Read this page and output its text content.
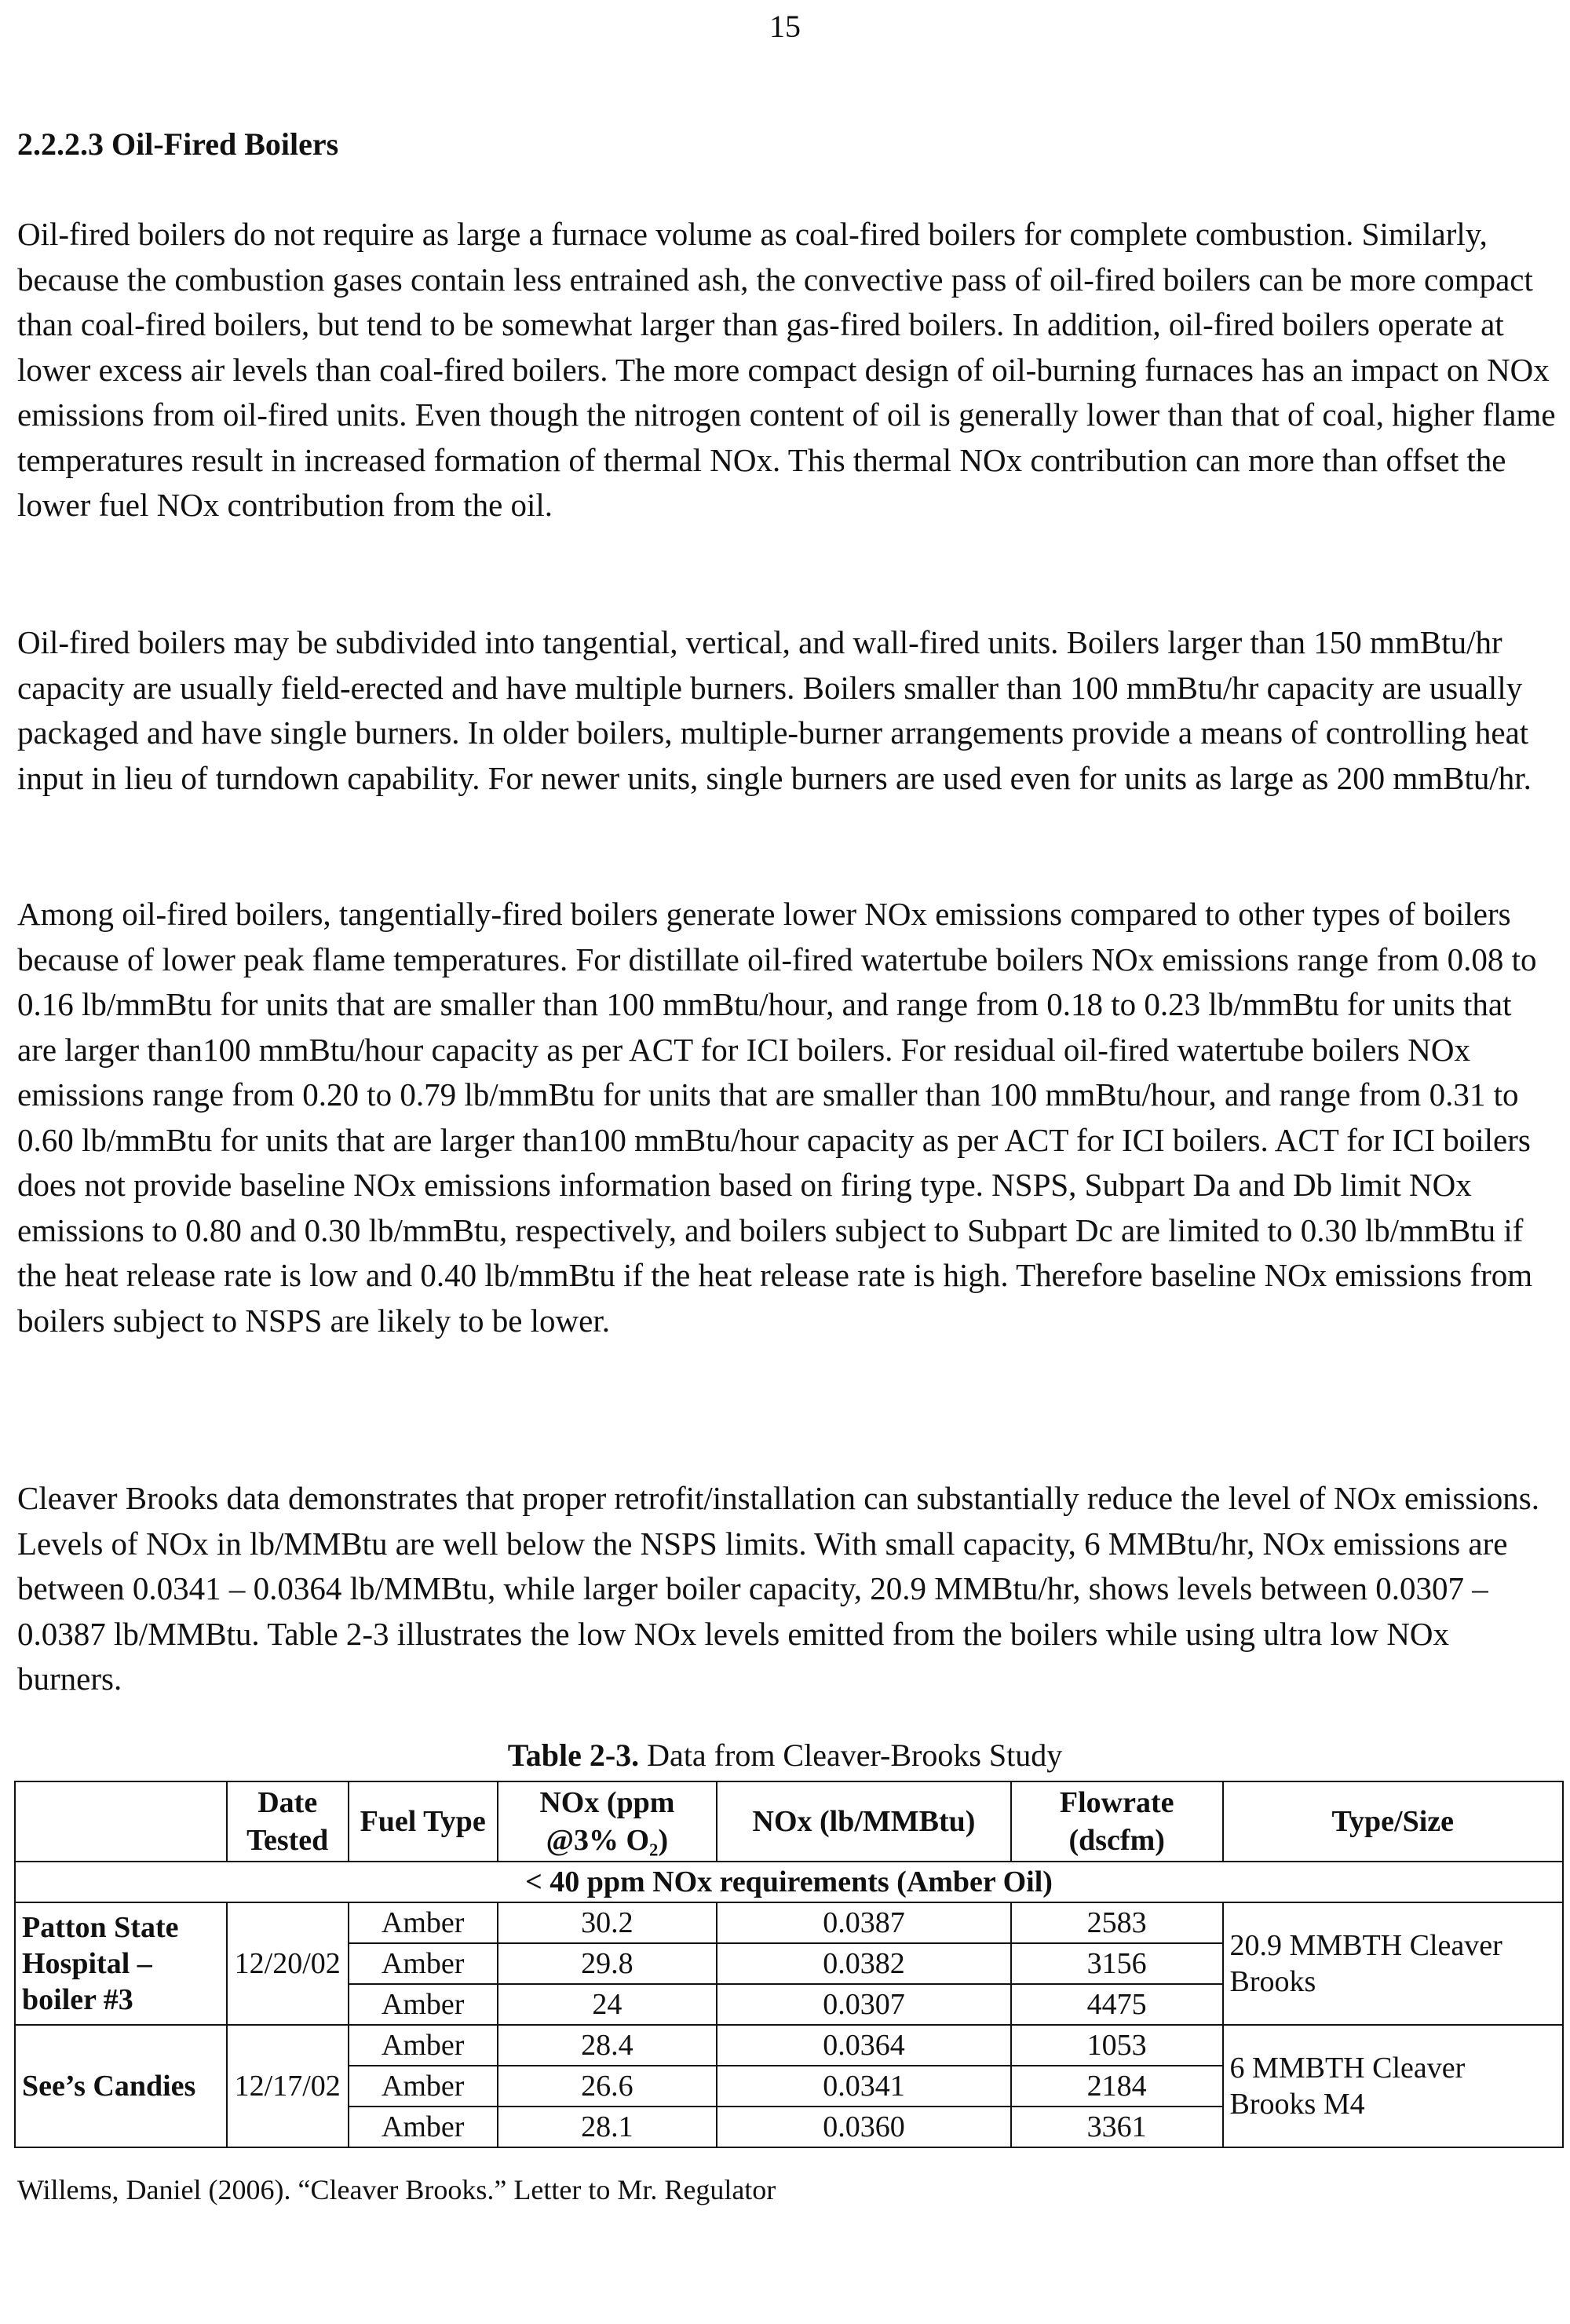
15
2.2.2.3 Oil-Fired Boilers

Oil-fired boilers do not require as large a furnace volume as coal-fired boilers for complete combustion. Similarly, because the combustion gases contain less entrained ash, the convective pass of oil-fired boilers can be more compact than coal-fired boilers, but tend to be somewhat larger than gas-fired boilers. In addition, oil-fired boilers operate at lower excess air levels than coal-fired boilers. The more compact design of oil-burning furnaces has an impact on NOx emissions from oil-fired units. Even though the nitrogen content of oil is generally lower than that of coal, higher flame temperatures result in increased formation of thermal NOx. This thermal NOx contribution can more than offset the lower fuel NOx contribution from the oil.

Oil-fired boilers may be subdivided into tangential, vertical, and wall-fired units. Boilers larger than 150 mmBtu/hr capacity are usually field-erected and have multiple burners. Boilers smaller than 100 mmBtu/hr capacity are usually packaged and have single burners. In older boilers, multiple-burner arrangements provide a means of controlling heat input in lieu of turndown capability. For newer units, single burners are used even for units as large as 200 mmBtu/hr.

Among oil-fired boilers, tangentially-fired boilers generate lower NOx emissions compared to other types of boilers because of lower peak flame temperatures. For distillate oil-fired watertube boilers NOx emissions range from 0.08 to 0.16 lb/mmBtu for units that are smaller than 100 mmBtu/hour, and range from 0.18 to 0.23 lb/mmBtu for units that are larger than100 mmBtu/hour capacity as per ACT for ICI boilers. For residual oil-fired watertube boilers NOx emissions range from 0.20 to 0.79 lb/mmBtu for units that are smaller than 100 mmBtu/hour, and range from 0.31 to 0.60 lb/mmBtu for units that are larger than100 mmBtu/hour capacity as per ACT for ICI boilers. ACT for ICI boilers does not provide baseline NOx emissions information based on firing type. NSPS, Subpart Da and Db limit NOx emissions to 0.80 and 0.30 lb/mmBtu, respectively, and boilers subject to Subpart Dc are limited to 0.30 lb/mmBtu if the heat release rate is low and 0.40 lb/mmBtu if the heat release rate is high. Therefore baseline NOx emissions from boilers subject to NSPS are likely to be lower.

Cleaver Brooks data demonstrates that proper retrofit/installation can substantially reduce the level of NOx emissions. Levels of NOx in lb/MMBtu are well below the NSPS limits. With small capacity, 6 MMBtu/hr, NOx emissions are between 0.0341 – 0.0364 lb/MMBtu, while larger boiler capacity, 20.9 MMBtu/hr, shows levels between 0.0307 – 0.0387 lb/MMBtu. Table 2-3 illustrates the low NOx levels emitted from the boilers while using ultra low NOx burners.

Table 2-3. Data from Cleaver-Brooks Study
	Date Tested	Fuel Type	NOx (ppm @3% O₂)	NOx (lb/MMBtu)	Flowrate (dscfm)	Type/Size
< 40 ppm NOx requirements (Amber Oil)						
Patton State Hospital – boiler #3	12/20/02	Amber	30.2	0.0387	2583	20.9 MMBTH Cleaver Brooks
		Amber	29.8	0.0382	3156	
		Amber	24	0.0307	4475	
See’s Candies	12/17/02	Amber	28.4	0.0364	1053	6 MMBTH Cleaver Brooks M4
		Amber	26.6	0.0341	2184	
		Amber	28.1	0.0360	3361	
Willems, Daniel (2006). “Cleaver Brooks.” Letter to Mr. Regulator
